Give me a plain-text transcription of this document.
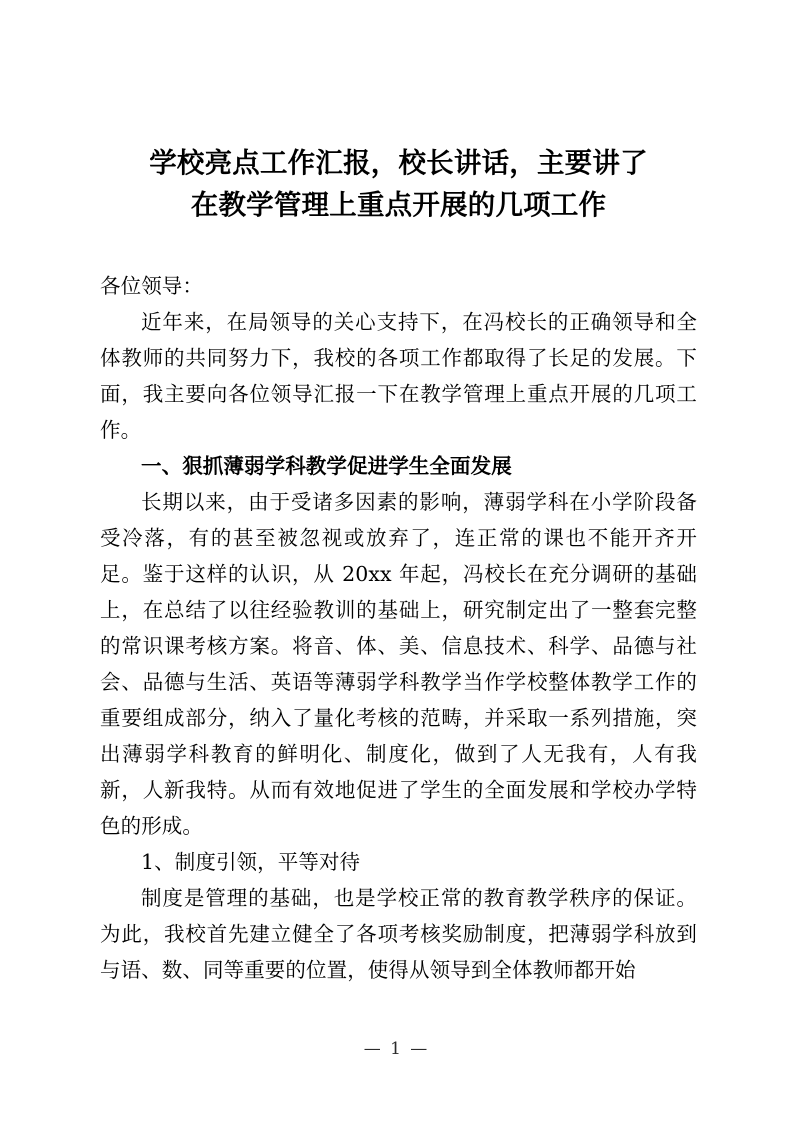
学校亮点工作汇报，校长讲话，主要讲了
在教学管理上重点开展的几项工作

各位领导：

近年来，在局领导的关心支持下，在冯校长的正确领导和全体教师的共同努力下，我校的各项工作都取得了长足的发展。下面，我主要向各位领导汇报一下在教学管理上重点开展的几项工作。

一、狠抓薄弱学科教学促进学生全面发展

长期以来，由于受诸多因素的影响，薄弱学科在小学阶段备受冷落，有的甚至被忽视或放弃了，连正常的课也不能开齐开足。鉴于这样的认识，从 20xx 年起，冯校长在充分调研的基础上，在总结了以往经验教训的基础上，研究制定出了一整套完整的常识课考核方案。将音、体、美、信息技术、科学、品德与社会、品德与生活、英语等薄弱学科教学当作学校整体教学工作的重要组成部分，纳入了量化考核的范畴，并采取一系列措施，突出薄弱学科教育的鲜明化、制度化，做到了人无我有，人有我新，人新我特。从而有效地促进了学生的全面发展和学校办学特色的形成。

1、制度引领，平等对待

制度是管理的基础，也是学校正常的教育教学秩序的保证。为此，我校首先建立健全了各项考核奖励制度，把薄弱学科放到与语、数、同等重要的位置，使得从领导到全体教师都开始

— 1 —
